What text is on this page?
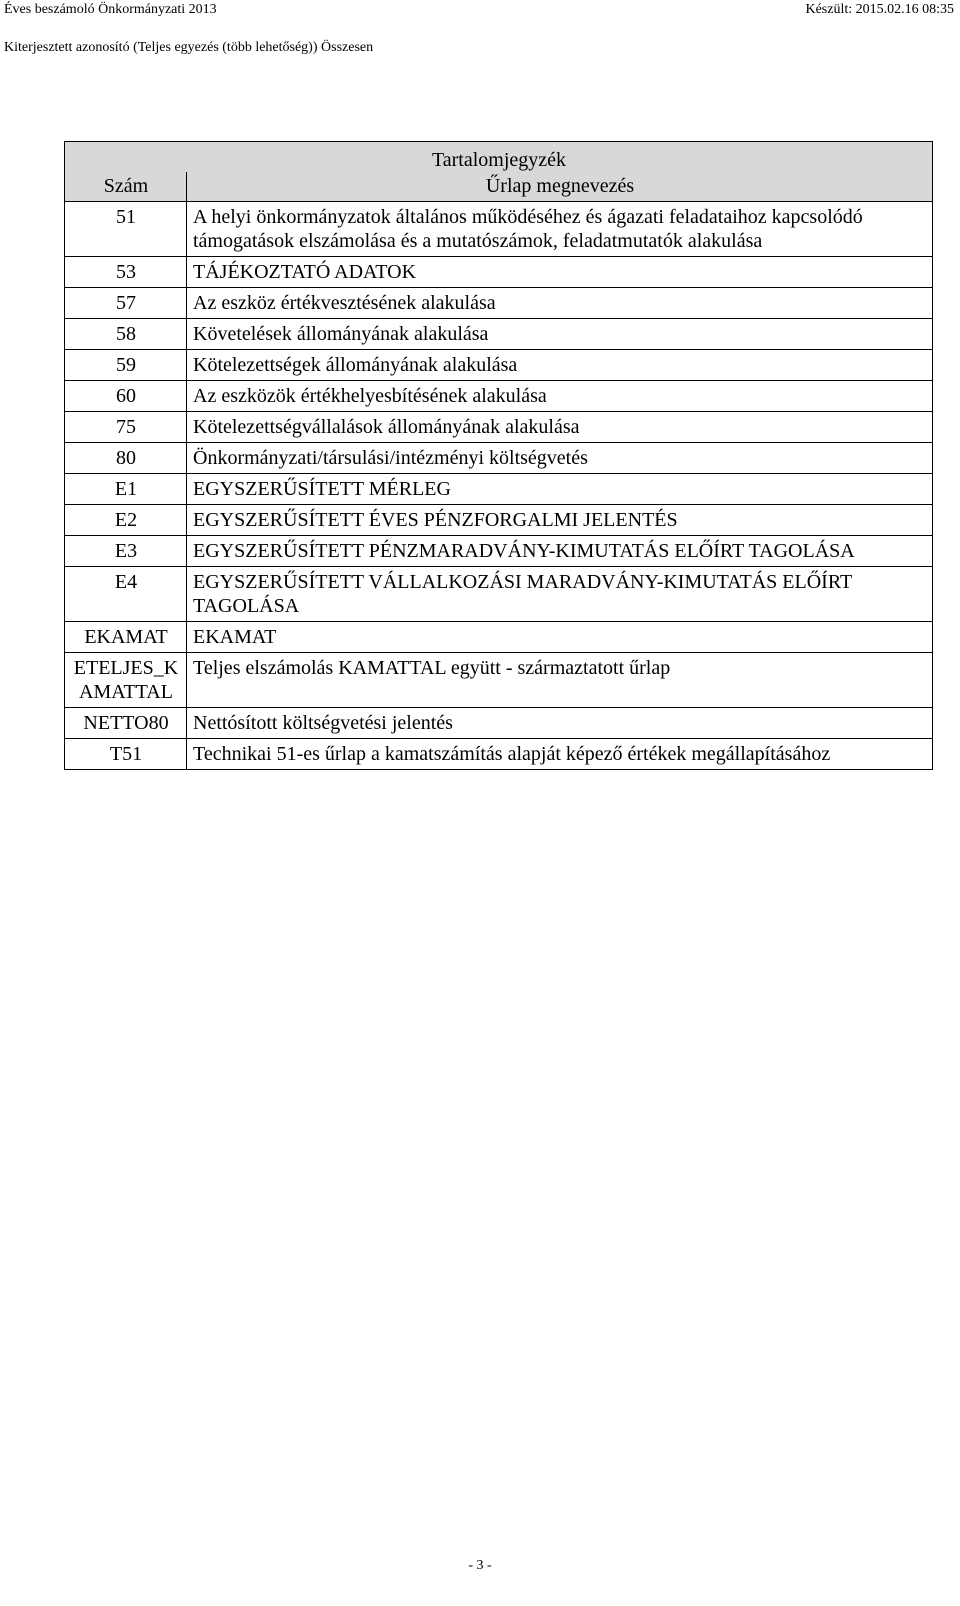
Éves beszámoló Önkormányzati 2013	Készült: 2015.02.16 08:35
Kiterjesztett azonosító (Teljes egyezés (több lehetőség)) Összesen
Tartalomjegyzék	
Szám	Űrlap megnevezés
51	A helyi önkormányzatok általános működéséhez és ágazati feladataihoz kapcsolódó támogatások elszámolása és a mutatószámok, feladatmutatók alakulása
53	TÁJÉKOZTATÓ ADATOK
57	Az eszköz értékvesztésének alakulása
58	Követelések állományának alakulása
59	Kötelezettségek állományának alakulása
60	Az eszközök értékhelyesbítésének alakulása
75	Kötelezettségvállalások állományának alakulása
80	Önkormányzati/társulási/intézményi költségvetés
E1	EGYSZERŰSÍTETT MÉRLEG
E2	EGYSZERŰSÍTETT ÉVES PÉNZFORGALMI JELENTÉS
E3	EGYSZERŰSÍTETT PÉNZMARADVÁNY-KIMUTATÁS ELŐÍRT TAGOLÁSA
E4	EGYSZERŰSÍTETT VÁLLALKOZÁSI MARADVÁNY-KIMUTATÁS ELŐÍRT TAGOLÁSA
EKAMAT	EKAMAT
ETELJES_KAMATTAL	Teljes elszámolás KAMATTAL együtt - származtatott űrlap
NETTO80	Nettósított költségvetési jelentés
T51	Technikai 51-es űrlap a kamatszámítás alapját képező értékek megállapításához
- 3 -
